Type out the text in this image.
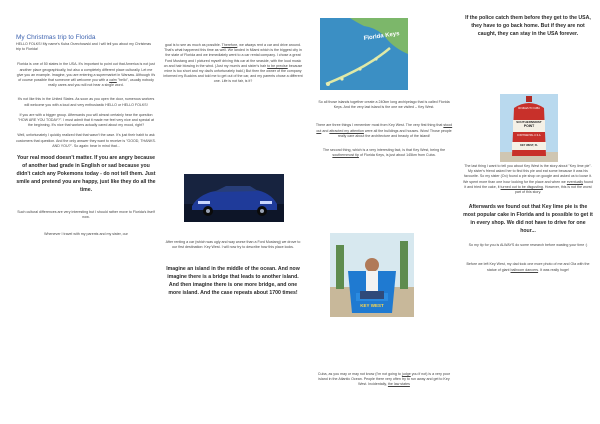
My Christmas trip to Florida

HELLO FOLKS! My name's Kuba Orzechowski and I will tell you about my Christmas trip to Florida!

Florida is one of 50 states in the USA. It's important to point out that America is not just another place geographically, but also a completely different place culturally. Let me give you an example. Imagine, you are entering a supermarket in Warsaw. Although it's of course possible that someone will welcome you with a calm "hello", usually nobody really cares and you will not hear a single word.

It's not like this in the United States. As soon as you open the door, numerous workers will welcome you with a loud and very enthusiastic HELLO or HELLO FOLKS!

If you are with a bigger group. Afterwards you will almost certainly hear the question "HOW ARE YOU TODAY?". I must admit that it made me feel very nice and special at the beginning. It's nice that workers actually cared about my mood, right?

Well, unfortunately I quickly realized that that wasn't the case. It's just their habit to ask customers that question. And the only answer they want to receive is "GOOD, THANKS. AND YOU?". So again: bear in mind that...

Your real mood doesn't matter. If you are angry because of another bad grade in English or sad because you didn't catch any Pokemons today - do not tell them. Just smile and pretend you are happy, just like they do all the time.

Such cultural differences are very interesting but I should rather move to Florida's itself now.

Whenever I travel with my parents and my sister, our

goal is to see as much as possible. Therefore, we always rent a car and drive around. That's what happened this time as well. We landed in Miami which is the biggest city in the state of Florida and we immediately went to a car rental company. I chose a great Ford Mustang and I pictured myself driving this car at the seaside, with the loud music on and hair blowing in the wind. (Just my mum's and sister's hair to be precise because mine is too short and my dad's unfortunately bald.) But then the owner of the company informed my Buckins and told me to get out of the car, and my parents chose a different one. Life is not fair, is it?

After renting a car (which was ugly and way worse than a Ford Mustang) we drove to our first destination: Key West. I will now try to describe how this place looks.

Imagine an island in the middle of the ocean. And now imagine there is a bridge that leads to another island. And then imagine there is one more bridge, and one more island. And the case repeats about 1700 times!

Florida Keys

So all those islands together create a 240km long archipelago that is called Florida Keys. And the very last island is the one we visited – Key West.

There are three things I remember most from Key West. The very first thing that stood out and attracted my attention were all the buildings and houses. Wow! Those people really care about the architecture and beauty of the island!

The second thing, which is a very interesting fact, is that Key West, being the southernmost tip of Florida Keys, is just about 145km from Cuba.

KEY WEST

Cuba, as you may or may not know (I'm not going to judge you if not) is a very poor island in the Atlantic Ocean. People there very often try to run away and get to Key West. Incidentally, the law states

If the police catch them before they get to the USA, they have to go back home. But if they are not caught, they can stay in the USA forever.

90 MILES TO CUBA

SOUTHERNMOST

POINT

CONTINENTAL U.S.A.

KEY WEST, FL

The last thing I want to tell you about Key West is the story about "Key lime pie". My sister's friend asked her to find this pie and eat some because it was his favourite. So my sister (Oo) found a pie shop on google and asked us to loose it. We spent more than one hour looking for the place and when we eventually found it and tried the cake, it turned out to be disgusting. However, this is not the worst part of this story.

Afterwards we found out that Key lime pie is the most popular cake in Florida and is possible to get it in every shop. We did not have to drive for one hour...

So my tip for you is ALWAYS do some research before wasting your time :)

Before we left Key West, my dad took one more photo of me and Ola with the statue of giant ballroom dancers. It was really huge!
